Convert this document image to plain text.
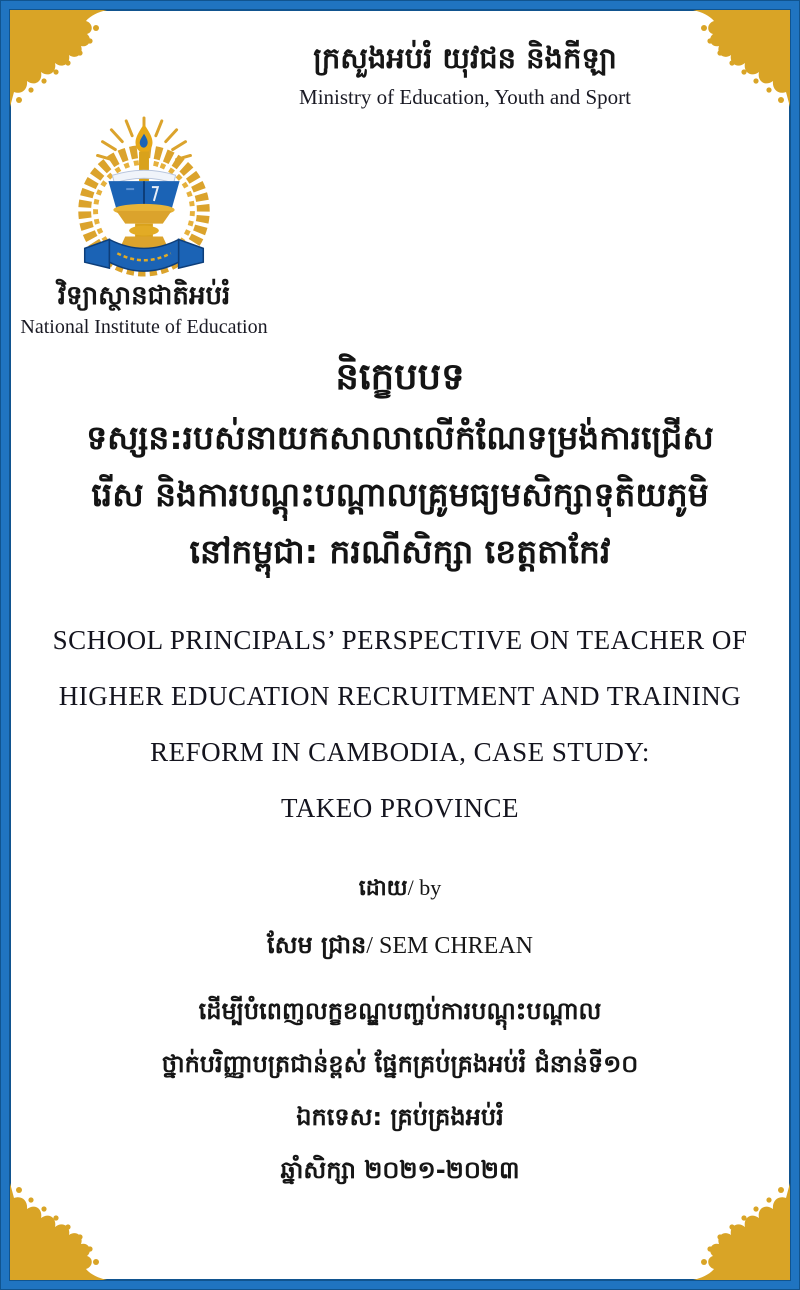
ក្រសួងអប់រំ យុវជន និងកីឡា
Ministry of Education, Youth and Sport
វិទ្យាស្ថានជាតិអប់រំ
National Institute of Education
និក្ខេបបទ
ទស្សន:របស់នាយកសាលាលើកំណែទម្រង់ការជ្រើស
រើស និងការបណ្តុះបណ្តាលគ្រូមធ្យមសិក្សាទុតិយភូមិ
នៅកម្ពុជា: ករណីសិក្សា ខេត្តតាកែវ
SCHOOL PRINCIPALS’ PERSPECTIVE ON TEACHER OF
HIGHER EDUCATION RECRUITMENT AND TRAINING
REFORM IN CAMBODIA, CASE STUDY:
TAKEO PROVINCE
ដោយ/ by
សែម ជ្រាន/ SEM CHREAN
ដើម្បីបំពេញលក្ខខណ្ឌបញ្ចប់ការបណ្តុះបណ្តាល
ថ្នាក់បរិញ្ញាបត្រជាន់ខ្ពស់ ផ្នែកគ្រប់គ្រងអប់រំ ជំនាន់ទី១០
ឯកទេស: គ្រប់គ្រងអប់រំ
ឆ្នាំសិក្សា ២០២១-២០២៣
